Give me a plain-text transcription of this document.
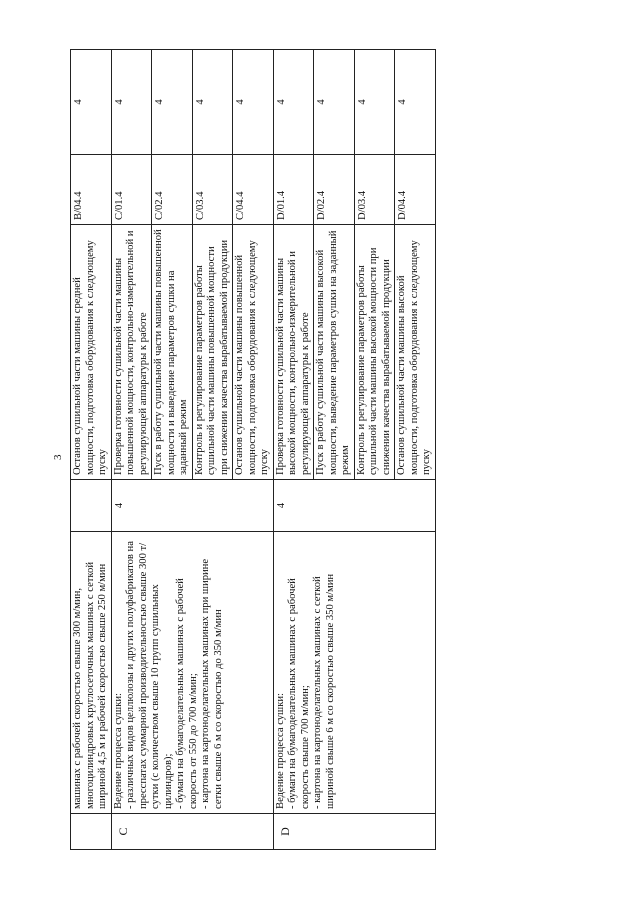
3
	машинах с рабочей скоростью свыше 300 м/мин, многоцилиндровых круглосеточных машинах с сеткой шириной 4,5 м и рабочей скоростью свыше 250 м/мин		Останов сушильной части машины средней мощности, подготовка оборудования к следующему пуску	В/04.4	4
С	Ведение процесса сушки:
- различных видов целлюлозы и других полуфабрикатов на пресспатах суммарной производительностью свыше 300 т/сутки (с количеством свыше 10 групп сушильных цилиндров);
- бумаги на бумагоделательных машинах с рабочей скорость от 550 до 700 м/мин;
- картона на картоноделательных машинах при ширине сетки свыше 6 м со скоростью до 350 м/мин	4	Проверка готовности сушильной части машины повышенной мощности, контрольно-измерительной и регулирующей аппаратуры к работе	С/01.4	4
			Пуск в работу сушильной части машины повышенной мощности и выведение параметров сушки на заданный режим	С/02.4	4
			Контроль и регулирование параметров работы сушильной части машины повышенной мощности при снижении качества вырабатываемой продукции	С/03.4	4
			Останов сушильной части машины повышенной мощности, подготовка оборудования к следующему пуску	С/04.4	4
D	Ведение процесса сушки:
- бумаги на бумагоделательных машинах с рабочей скорость свыше 700 м/мин;
- картона на картоноделательных машинах с сеткой шириной свыше 6 м со скоростью свыше 350 м/мин	4	Проверка готовности сушильной части машины высокой мощности, контрольно-измерительной и регулирующей аппаратуры к работе	D/01.4	4
			Пуск в работу сушильной части машины высокой мощности, выведение параметров сушки на заданный режим	D/02.4	4
			Контроль и регулирование параметров работы сушильной части машины высокой мощности при снижении качества вырабатываемой продукции	D/03.4	4
			Останов сушильной части машины высокой мощности, подготовка оборудования к следующему пуску	D/04.4	4
